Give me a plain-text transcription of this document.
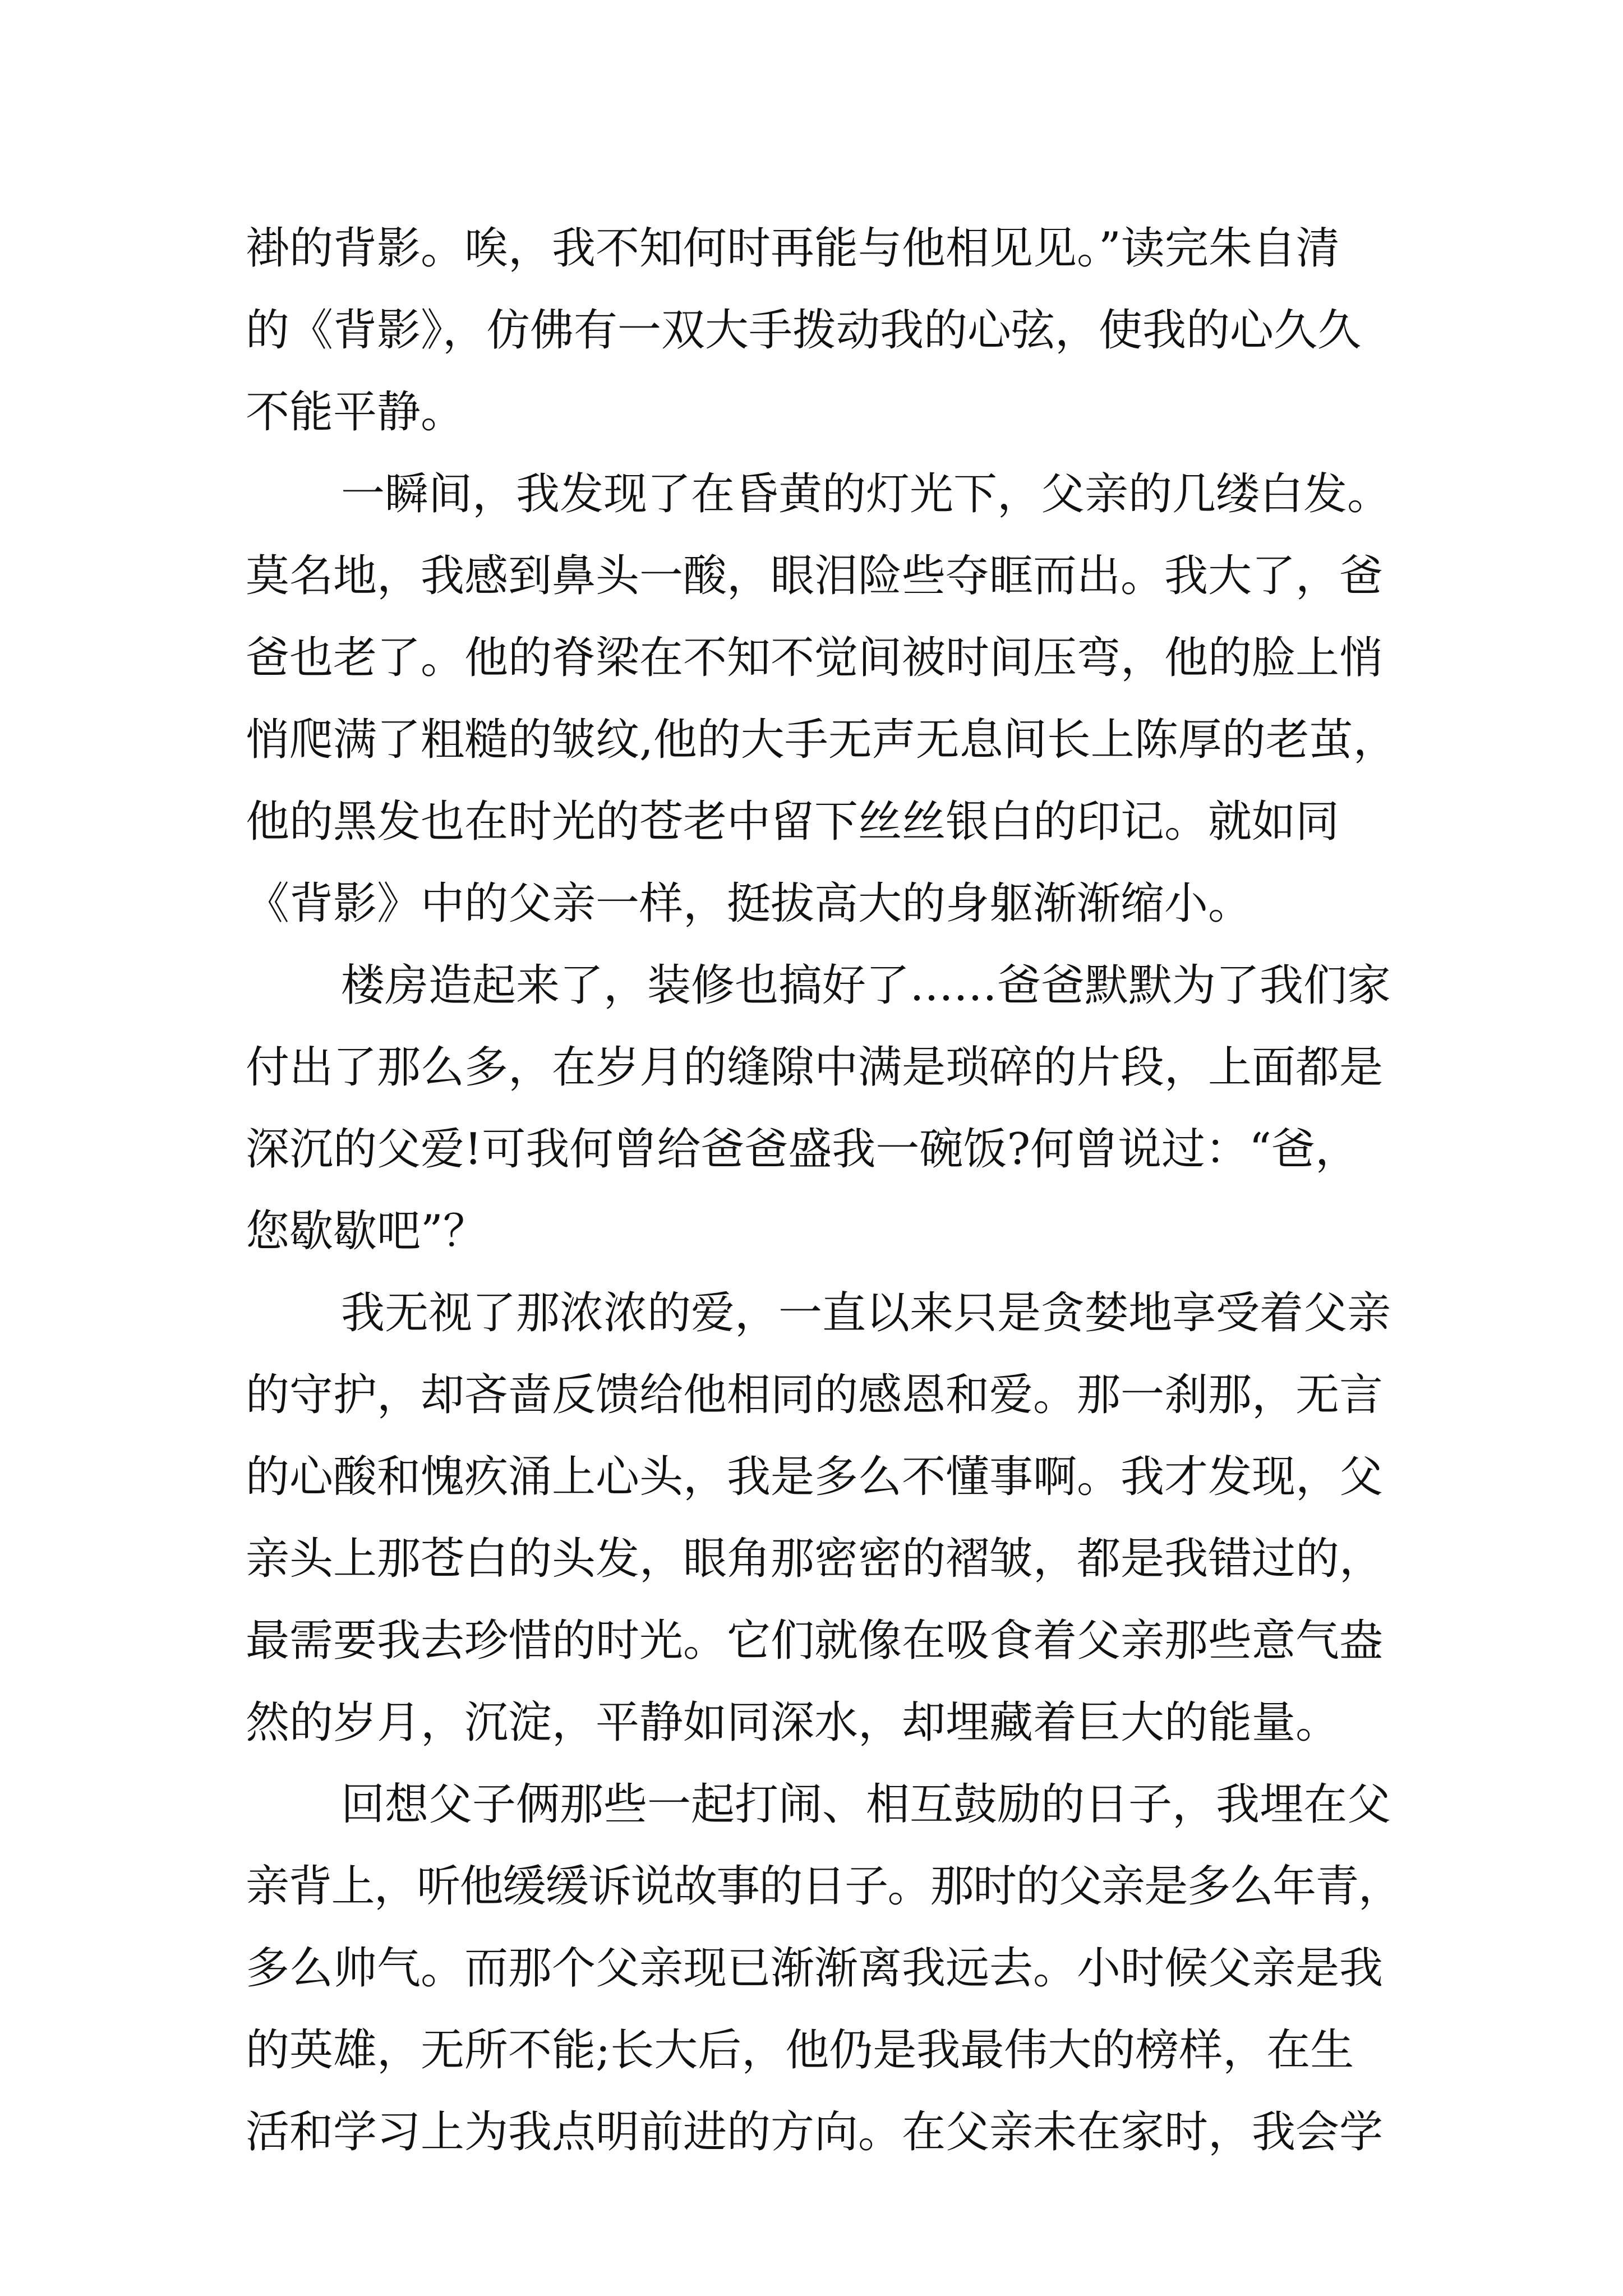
褂的背影。唉，我不知何时再能与他相见见。”读完朱自清
的《背影》，仿佛有一双大手拨动我的心弦，使我的心久久
不能平静。
一瞬间，我发现了在昏黄的灯光下，父亲的几缕白发。
莫名地，我感到鼻头一酸，眼泪险些夺眶而出。我大了，爸
爸也老了。他的脊梁在不知不觉间被时间压弯，他的脸上悄
悄爬满了粗糙的皱纹,他的大手无声无息间长上陈厚的老茧，
他的黑发也在时光的苍老中留下丝丝银白的印记。就如同
《背影》中的父亲一样，挺拔高大的身躯渐渐缩小。
楼房造起来了，装修也搞好了……爸爸默默为了我们家
付出了那么多，在岁月的缝隙中满是琐碎的片段，上面都是
深沉的父爱!可我何曾给爸爸盛我一碗饭?何曾说过：“爸，
您歇歇吧”？
我无视了那浓浓的爱，一直以来只是贪婪地享受着父亲
的守护，却吝啬反馈给他相同的感恩和爱。那一刹那，无言
的心酸和愧疚涌上心头，我是多么不懂事啊。我才发现，父
亲头上那苍白的头发，眼角那密密的褶皱，都是我错过的，
最需要我去珍惜的时光。它们就像在吸食着父亲那些意气盎
然的岁月，沉淀，平静如同深水，却埋藏着巨大的能量。
回想父子俩那些一起打闹、相互鼓励的日子，我埋在父
亲背上，听他缓缓诉说故事的日子。那时的父亲是多么年青，
多么帅气。而那个父亲现已渐渐离我远去。小时候父亲是我
的英雄，无所不能;长大后，他仍是我最伟大的榜样，在生
活和学习上为我点明前进的方向。在父亲未在家时，我会学
